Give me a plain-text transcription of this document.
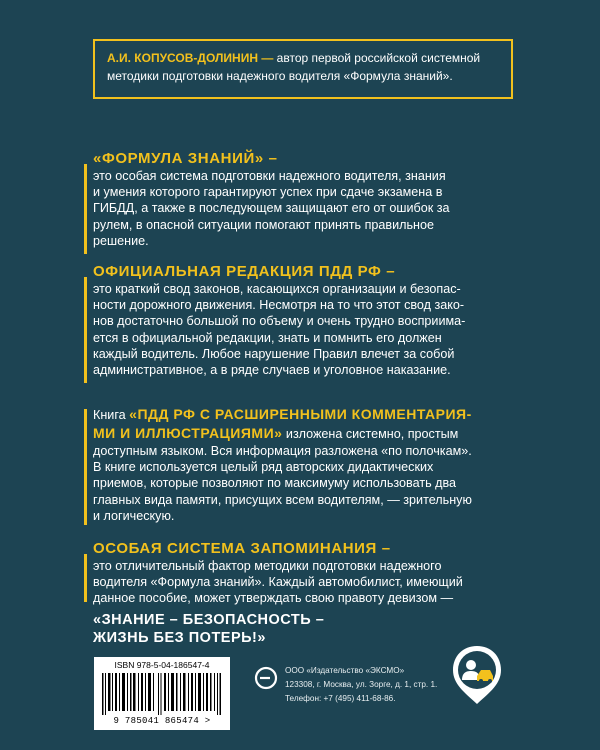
А.И. КОПУСОВ-ДОЛИНИН — автор первой российской системной
методики подготовки надежного водителя «Формула знаний».

«ФОРМУЛА ЗНАНИЙ» –

это особая система подготовки надежного водителя, знания

и умения которого гарантируют успех при сдаче экзамена в

ГИБДД, а также в последующем защищают его от ошибок за

рулем, в опасной ситуации помогают принять правильное

решение.

ОФИЦИАЛЬНАЯ РЕДАКЦИЯ ПДД РФ –

это краткий свод законов, касающихся организации и безопас-

ности дорожного движения. Несмотря на то что этот свод зако-

нов достаточно большой по объему и очень трудно восприима-

ется в официальной редакции, знать и помнить его должен

каждый водитель. Любое нарушение Правил влечет за собой

административное, а в ряде случаев и уголовное наказание.

Книга «ПДД РФ С РАСШИРЕННЫМИ КОММЕНТАРИЯ-

МИ И ИЛЛЮСТРАЦИЯМИ» изложена системно, простым

доступным языком. Вся информация разложена «по полочкам».

В книге используется целый ряд авторских дидактических

приемов, которые позволяют по максимуму использовать два

главных вида памяти, присущих всем водителям, — зрительную

и логическую.

ОСОБАЯ СИСТЕМА ЗАПОМИНАНИЯ –

это отличительный фактор методики подготовки надежного

водителя «Формула знаний». Каждый автомобилист, имеющий

данное пособие, может утверждать свою правоту девизом —

«ЗНАНИЕ – БЕЗОПАСНОСТЬ –
ЖИЗНЬ БЕЗ ПОТЕРЬ!»
ISBN 978-5-04-186547-4
9 785041 865474 >
ООО «Издательство «ЭКСМО»
123308, г. Москва, ул. Зорге, д. 1, стр. 1.
Телефон: +7 (495) 411-68-86.
